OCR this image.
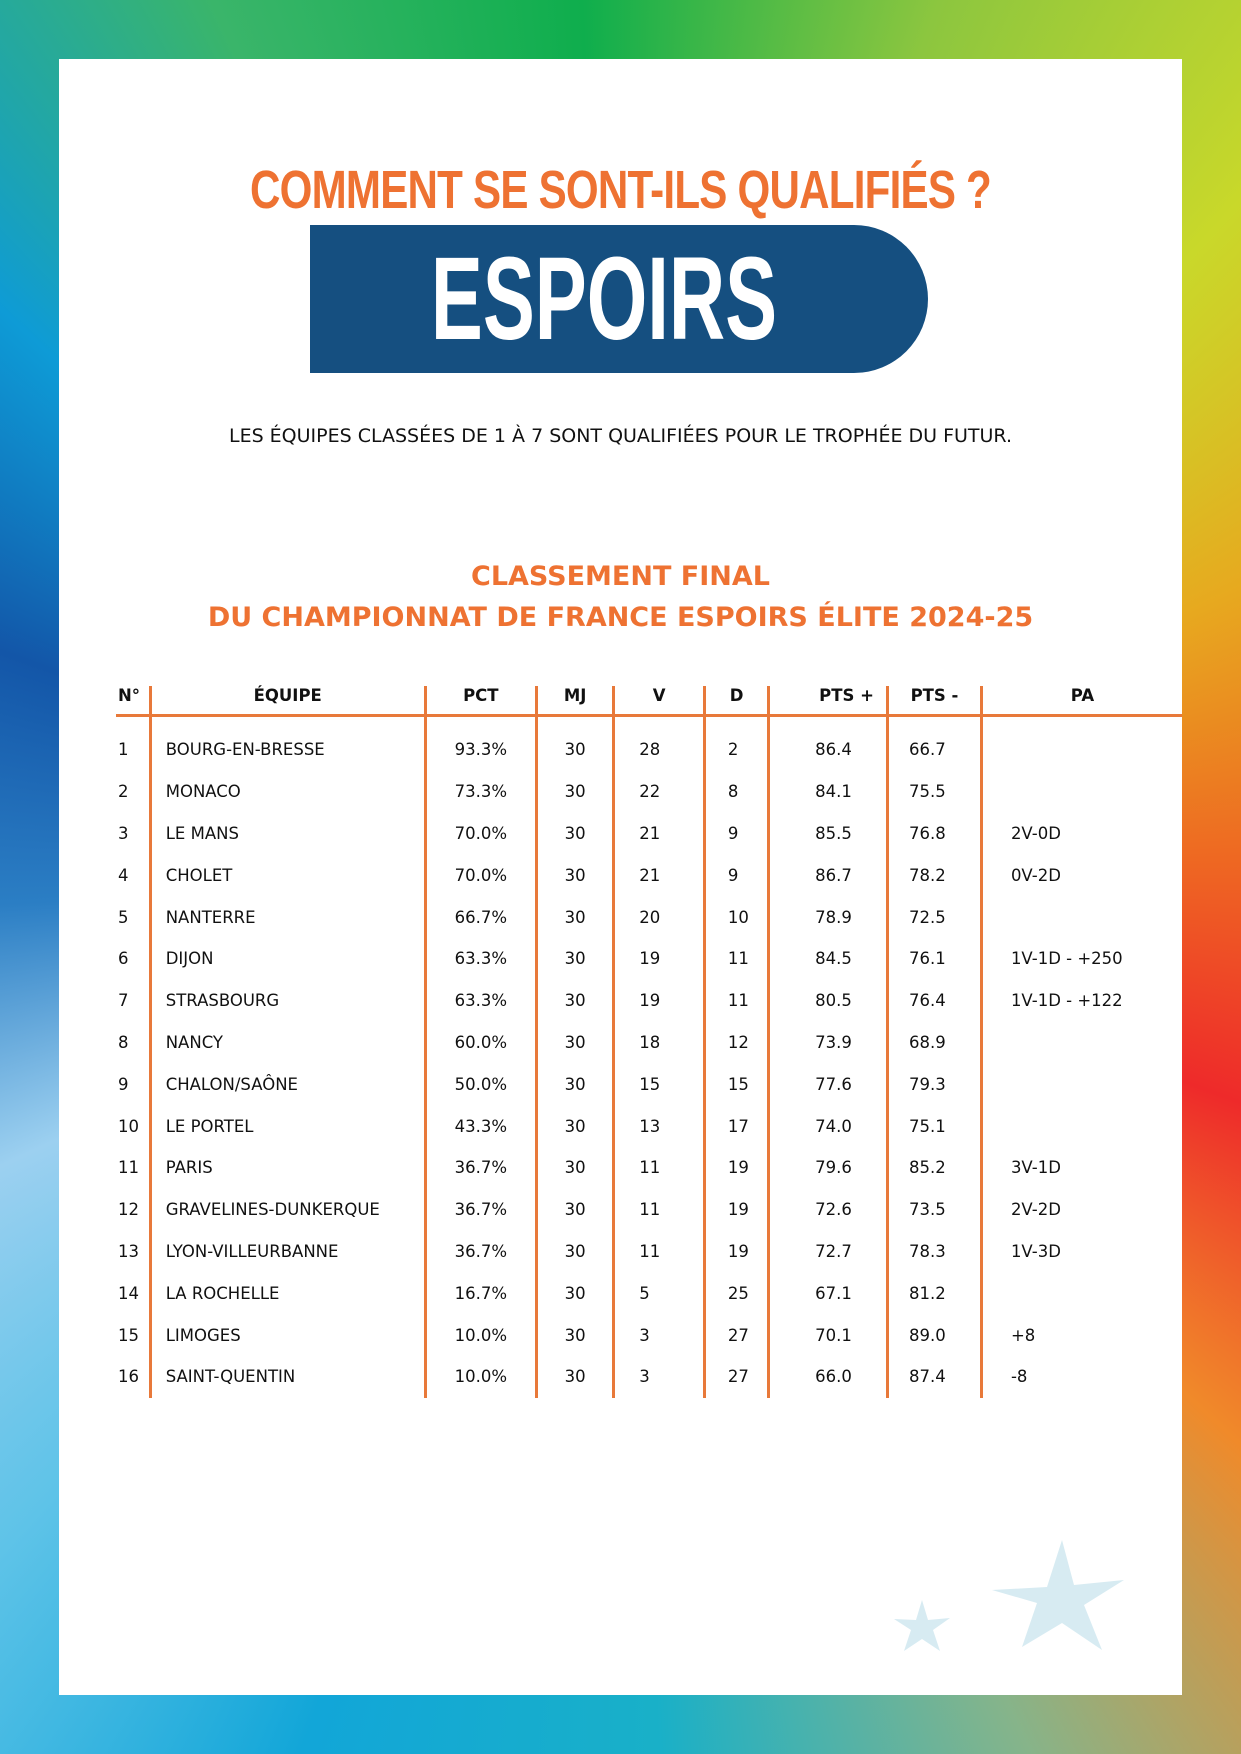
COMMENT SE SONT-ILS QUALIFIÉS ?
ESPOIRS ELITE
LES ÉQUIPES CLASSÉES DE 1 À 7 SONT QUALIFIÉES POUR LE TROPHÉE DU FUTUR.
CLASSEMENT FINAL
DU CHAMPIONNAT DE FRANCE ESPOIRS ÉLITE 2024-25
N°	ÉQUIPE	PCT	MJ	V	D		PTS +	PTS -	PA
1	BOURG-EN-BRESSE	93.3%	30	28	2		86.4	66.7	
2	MONACO	73.3%	30	22	8		84.1	75.5	
3	LE MANS	70.0%	30	21	9		85.5	76.8	2V-0D
4	CHOLET	70.0%	30	21	9		86.7	78.2	0V-2D
5	NANTERRE	66.7%	30	20	10		78.9	72.5	
6	DIJON	63.3%	30	19	11		84.5	76.1	1V-1D - +250
7	STRASBOURG	63.3%	30	19	11		80.5	76.4	1V-1D - +122
8	NANCY	60.0%	30	18	12		73.9	68.9	
9	CHALON/SAÔNE	50.0%	30	15	15		77.6	79.3	
10	LE PORTEL	43.3%	30	13	17		74.0	75.1	
11	PARIS	36.7%	30	11	19		79.6	85.2	3V-1D
12	GRAVELINES-DUNKERQUE	36.7%	30	11	19		72.6	73.5	2V-2D
13	LYON-VILLEURBANNE	36.7%	30	11	19		72.7	78.3	1V-3D
14	LA ROCHELLE	16.7%	30	5	25		67.1	81.2	
15	LIMOGES	10.0%	30	3	27		70.1	89.0	+8
16	SAINT-QUENTIN	10.0%	30	3	27		66.0	87.4	-8
